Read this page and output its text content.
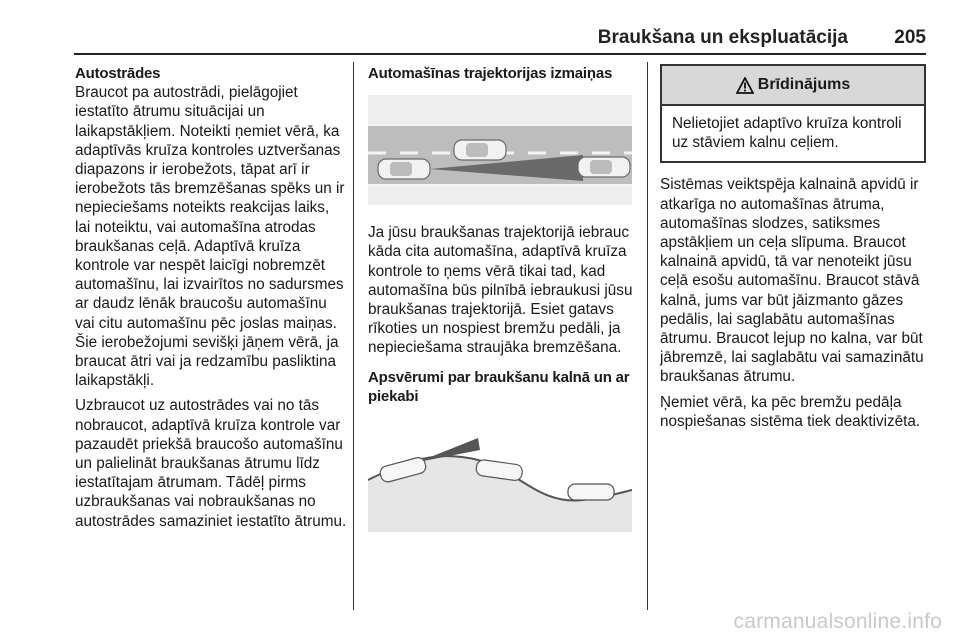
Braukšana un ekspluatācija 205
Autostrādes

Braucot pa autostrādi, pielāgojiet iestatīto ātrumu situācijai un laikapstākļiem. Noteikti ņemiet vērā, ka adaptīvās kruīza kontroles uztveršanas diapazons ir ierobežots, tāpat arī ir ierobežots tās bremzēšanas spēks un ir nepieciešams noteikts reakcijas laiks, lai noteiktu, vai automašīna atrodas braukšanas ceļā. Adaptīvā kruīza kontrole var nespēt laicīgi nobremzēt automašīnu, lai izvairītos no sadursmes ar daudz lēnāk braucošu automašīnu vai citu automašīnu pēc joslas maiņas. Šie ierobežojumi sevišķi jāņem vērā, ja braucat ātri vai ja redzamību pasliktina laikapstākļi.

Uzbraucot uz autostrādes vai no tās nobraucot, adaptīvā kruīza kontrole var pazaudēt priekšā braucošo automašīnu un palielināt braukšanas ātrumu līdz iestatītajam ātrumam. Tādēļ pirms uzbraukšanas vai nobraukšanas no autostrādes samaziniet iestatīto ātrumu.

Automašīnas trajektorijas izmaiņas

Ja jūsu braukšanas trajektorijā iebrauc kāda cita automašīna, adaptīvā kruīza kontrole to ņems vērā tikai tad, kad automašīna būs pilnībā iebraukusi jūsu braukšanas trajektorijā. Esiet gatavs rīkoties un nospiest bremžu pedāli, ja nepieciešama straujāka bremzēšana.

Apsvērumi par braukšanu kalnā un ar piekabi
Brīdinājums
Nelietojiet adaptīvo kruīza kontroli uz stāviem kalnu ceļiem.

Sistēmas veiktspēja kalnainā apvidū ir atkarīga no automašīnas ātruma, automašīnas slodzes, satiksmes apstākļiem un ceļa slīpuma. Braucot kalnainā apvidū, tā var nenoteikt jūsu ceļā esošu automašīnu. Braucot stāvā kalnā, jums var būt jāizmanto gāzes pedālis, lai saglabātu automašīnas ātrumu. Braucot lejup no kalna, var būt jābremzē, lai saglabātu vai samazinātu braukšanas ātrumu.

Ņemiet vērā, ka pēc bremžu pedāļa nospiešanas sistēma tiek deaktivizēta.

carmanualsonline.info
